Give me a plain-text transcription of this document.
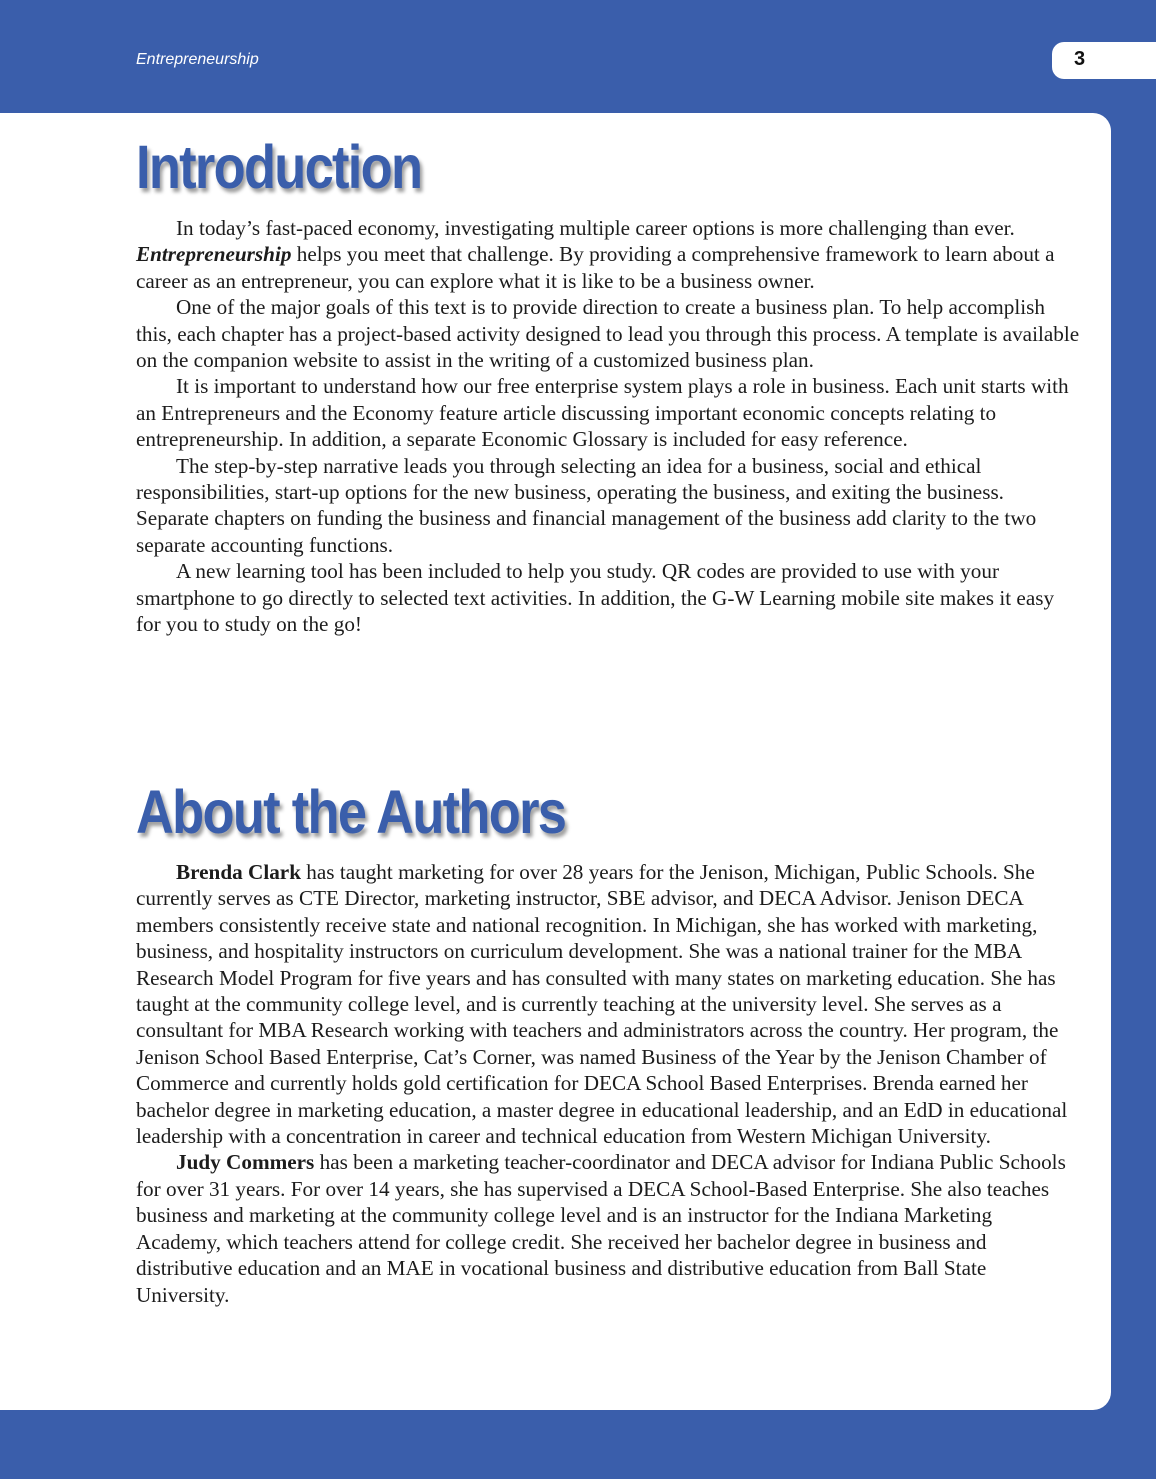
Entrepreneurship	3
Introduction

In today’s fast-paced economy, investigating multiple career options is more challenging than ever. Entrepreneurship helps you meet that challenge. By providing a comprehensive framework to learn about a career as an entrepreneur, you can explore what it is like to be a business owner.

One of the major goals of this text is to provide direction to create a business plan. To help accomplish this, each chapter has a project-based activity designed to lead you through this process. A template is available on the companion website to assist in the writing of a customized business plan.

It is important to understand how our free enterprise system plays a role in business. Each unit starts with an Entrepreneurs and the Economy feature article discussing important economic concepts relating to entrepreneurship. In addition, a separate Economic Glossary is included for easy reference.

The step-by-step narrative leads you through selecting an idea for a business, social and ethical responsibilities, start-up options for the new business, operating the business, and exiting the business. Separate chapters on funding the business and financial management of the business add clarity to the two separate accounting functions.

A new learning tool has been included to help you study. QR codes are provided to use with your smartphone to go directly to selected text activities. In addition, the G-W Learning mobile site makes it easy for you to study on the go!

About the Authors

Brenda Clark has taught marketing for over 28 years for the Jenison, Michigan, Public Schools. She currently serves as CTE Director, marketing instructor, SBE advisor, and DECA Advisor. Jenison DECA members consistently receive state and national recognition. In Michigan, she has worked with marketing, business, and hospitality instructors on curriculum development. She was a national trainer for the MBA Research Model Program for five years and has consulted with many states on marketing education. She has taught at the community college level, and is currently teaching at the university level. She serves as a consultant for MBA Research working with teachers and administrators across the country. Her program, the Jenison School Based Enterprise, Cat’s Corner, was named Business of the Year by the Jenison Chamber of Commerce and currently holds gold certification for DECA School Based Enterprises. Brenda earned her bachelor degree in marketing education, a master degree in educational leadership, and an EdD in educational leadership with a concentration in career and technical education from Western Michigan University.

Judy Commers has been a marketing teacher-coordinator and DECA advisor for Indiana Public Schools for over 31 years. For over 14 years, she has supervised a DECA School-Based Enterprise. She also teaches business and marketing at the community college level and is an instructor for the Indiana Marketing Academy, which teachers attend for college credit. She received her bachelor degree in business and distributive education and an MAE in vocational business and distributive education from Ball State University.
